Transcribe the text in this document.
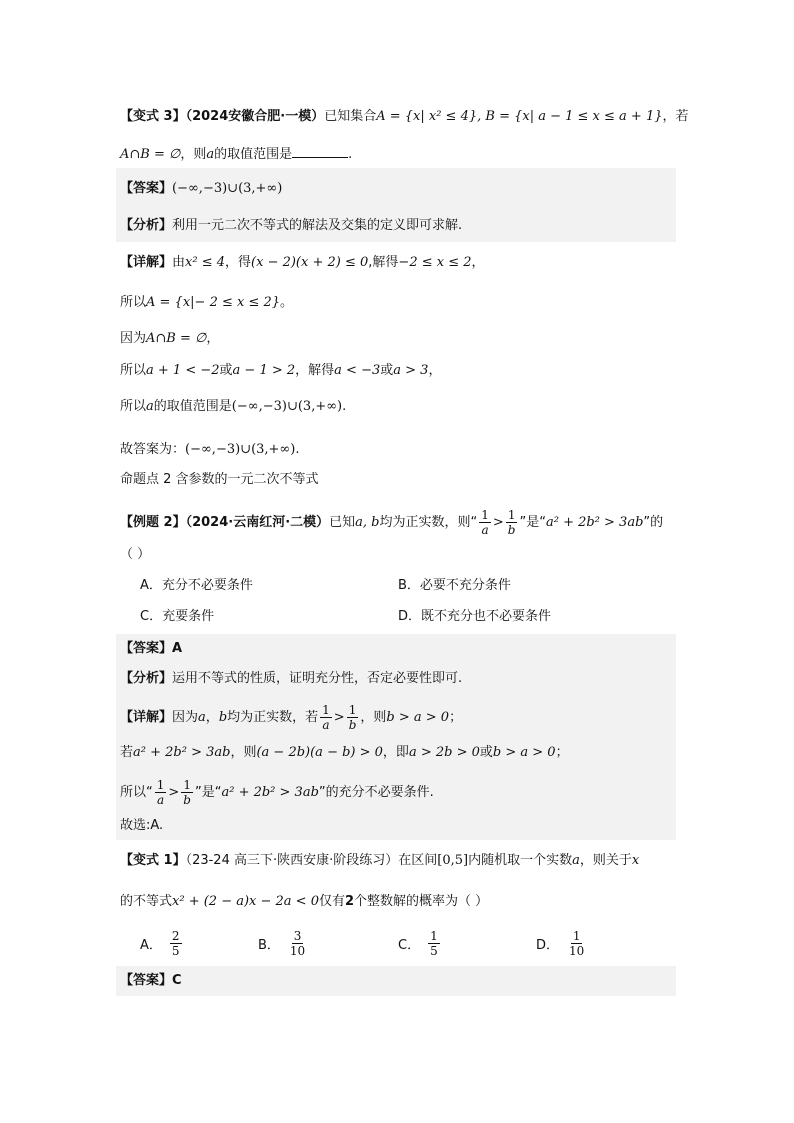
【变式 3】（2024安徽合肥·一模）已知集合A = {x| x² ≤ 4}, B = {x| a − 1 ≤ x ≤ a + 1}，若
A∩B = ∅，则a的取值范围是	.
【答案】(−∞,−3)∪(3,+∞)
【分析】利用一元二次不等式的解法及交集的定义即可求解.
【详解】由x² ≤ 4，得(x − 2)(x + 2) ≤ 0,解得−2 ≤ x ≤ 2，
所以A = {x|− 2 ≤ x ≤ 2}。
因为A∩B = ∅，
所以a + 1 < −2或a − 1 > 2，解得a < −3或a > 3，
所以a的取值范围是(−∞,−3)∪(3,+∞).
故答案为：(−∞,−3)∪(3,+∞).
命题点 2 含参数的一元二次不等式
【例题 2】（2024·云南红河·二模）已知a, b均为正实数，则“ $\frac{1}{a} > \frac{1}{b}$ ”是“a² + 2b² > 3ab”的
（ ）
A．充分不必要条件	B．必要不充分条件
C．充要条件	D．既不充分也不必要条件
【答案】A
【分析】运用不等式的性质，证明充分性，否定必要性即可.
【详解】因为a，b均为正实数，若 $\frac{1}{a} > \frac{1}{b}$ ，则b > a > 0；
若a² + 2b² > 3ab，则(a − 2b)(a − b) > 0，即a > 2b > 0或b > a > 0；
所以“ $\frac{1}{a} > \frac{1}{b}$ ”是“a² + 2b² > 3ab”的充分不必要条件.
故选:A.
【变式 1】（23-24 高三下·陕西安康·阶段练习）在区间[0,5]内随机取一个实数a，则关于x
的不等式x² + (2 − a)x − 2a < 0仅有2个整数解的概率为（ ）
A． $\frac{2}{5}$	B． $\frac{3}{10}$	C． $\frac{1}{5}$	D． $\frac{1}{10}$
【答案】C
